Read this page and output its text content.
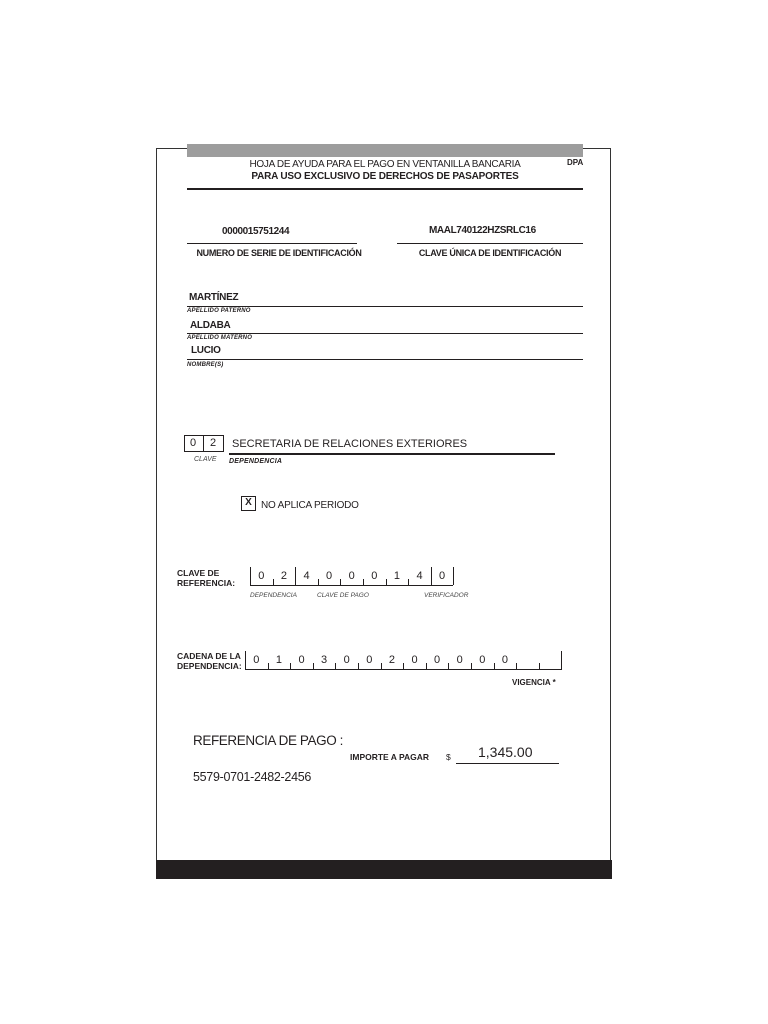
DPA
HOJA DE AYUDA PARA EL PAGO EN VENTANILLA BANCARIA
PARA USO EXCLUSIVO DE DERECHOS DE PASAPORTES
0000015751244
NUMERO DE SERIE DE IDENTIFICACIÓN
MAAL740122HZSRLC16
CLAVE ÚNICA DE IDENTIFICACIÓN
MARTÍNEZ
APELLIDO PATERNO
ALDABA
APELLIDO MATERNO
LUCIO
NOMBRE(S)
0 2
CLAVE
SECRETARIA DE RELACIONES EXTERIORES
DEPENDENCIA
X NO APLICA PERIODO
CLAVE DE
REFERENCIA:
0 2 4 0 0 0 1 4 0
DEPENDENCIA	CLAVE DE PAGO	VERIFICADOR
CADENA DE LA
DEPENDENCIA: 0 1 0 3 0 0 2 0 0 0 0 0
VIGENCIA *
REFERENCIA DE PAGO :
5579-0701-2482-2456
IMPORTE A PAGAR $ 1,345.00
